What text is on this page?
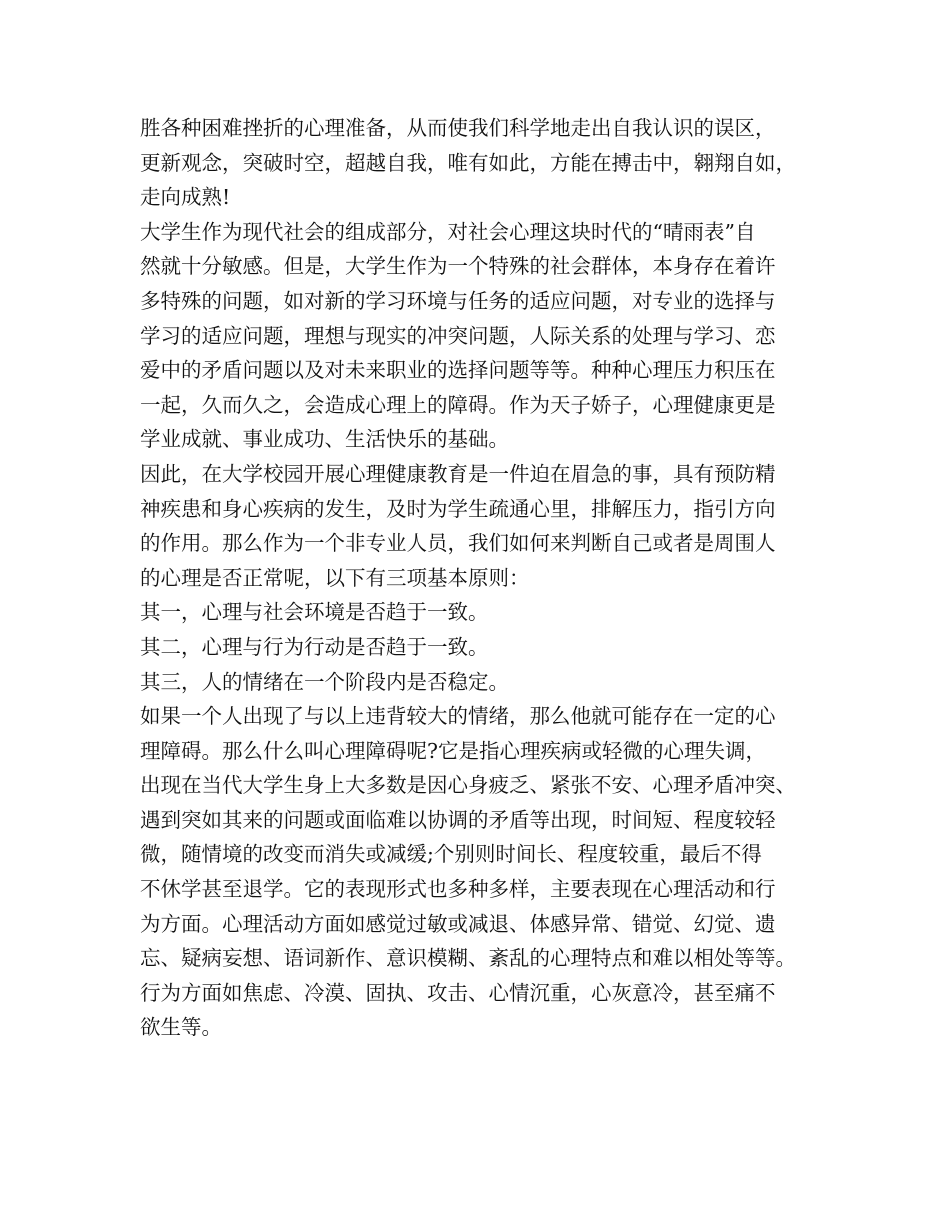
胜各种困难挫折的心理准备，从而使我们科学地走出自我认识的误区，
更新观念，突破时空，超越自我，唯有如此，方能在搏击中，翱翔自如，
走向成熟!
大学生作为现代社会的组成部分，对社会心理这块时代的“晴雨表”自
然就十分敏感。但是，大学生作为一个特殊的社会群体，本身存在着许
多特殊的问题，如对新的学习环境与任务的适应问题，对专业的选择与
学习的适应问题，理想与现实的冲突问题，人际关系的处理与学习、恋
爱中的矛盾问题以及对未来职业的选择问题等等。种种心理压力积压在
一起，久而久之，会造成心理上的障碍。作为天子娇子，心理健康更是
学业成就、事业成功、生活快乐的基础。
因此，在大学校园开展心理健康教育是一件迫在眉急的事，具有预防精
神疾患和身心疾病的发生，及时为学生疏通心里，排解压力，指引方向
的作用。那么作为一个非专业人员，我们如何来判断自己或者是周围人
的心理是否正常呢，以下有三项基本原则：
其一，心理与社会环境是否趋于一致。
其二，心理与行为行动是否趋于一致。
其三，人的情绪在一个阶段内是否稳定。
如果一个人出现了与以上违背较大的情绪，那么他就可能存在一定的心
理障碍。那么什么叫心理障碍呢?它是指心理疾病或轻微的心理失调，
出现在当代大学生身上大多数是因心身疲乏、紧张不安、心理矛盾冲突、
遇到突如其来的问题或面临难以协调的矛盾等出现，时间短、程度较轻
微，随情境的改变而消失或减缓;个别则时间长、程度较重，最后不得
不休学甚至退学。它的表现形式也多种多样，主要表现在心理活动和行
为方面。心理活动方面如感觉过敏或减退、体感异常、错觉、幻觉、遗
忘、疑病妄想、语词新作、意识模糊、紊乱的心理特点和难以相处等等。
行为方面如焦虑、冷漠、固执、攻击、心情沉重，心灰意冷，甚至痛不
欲生等。
